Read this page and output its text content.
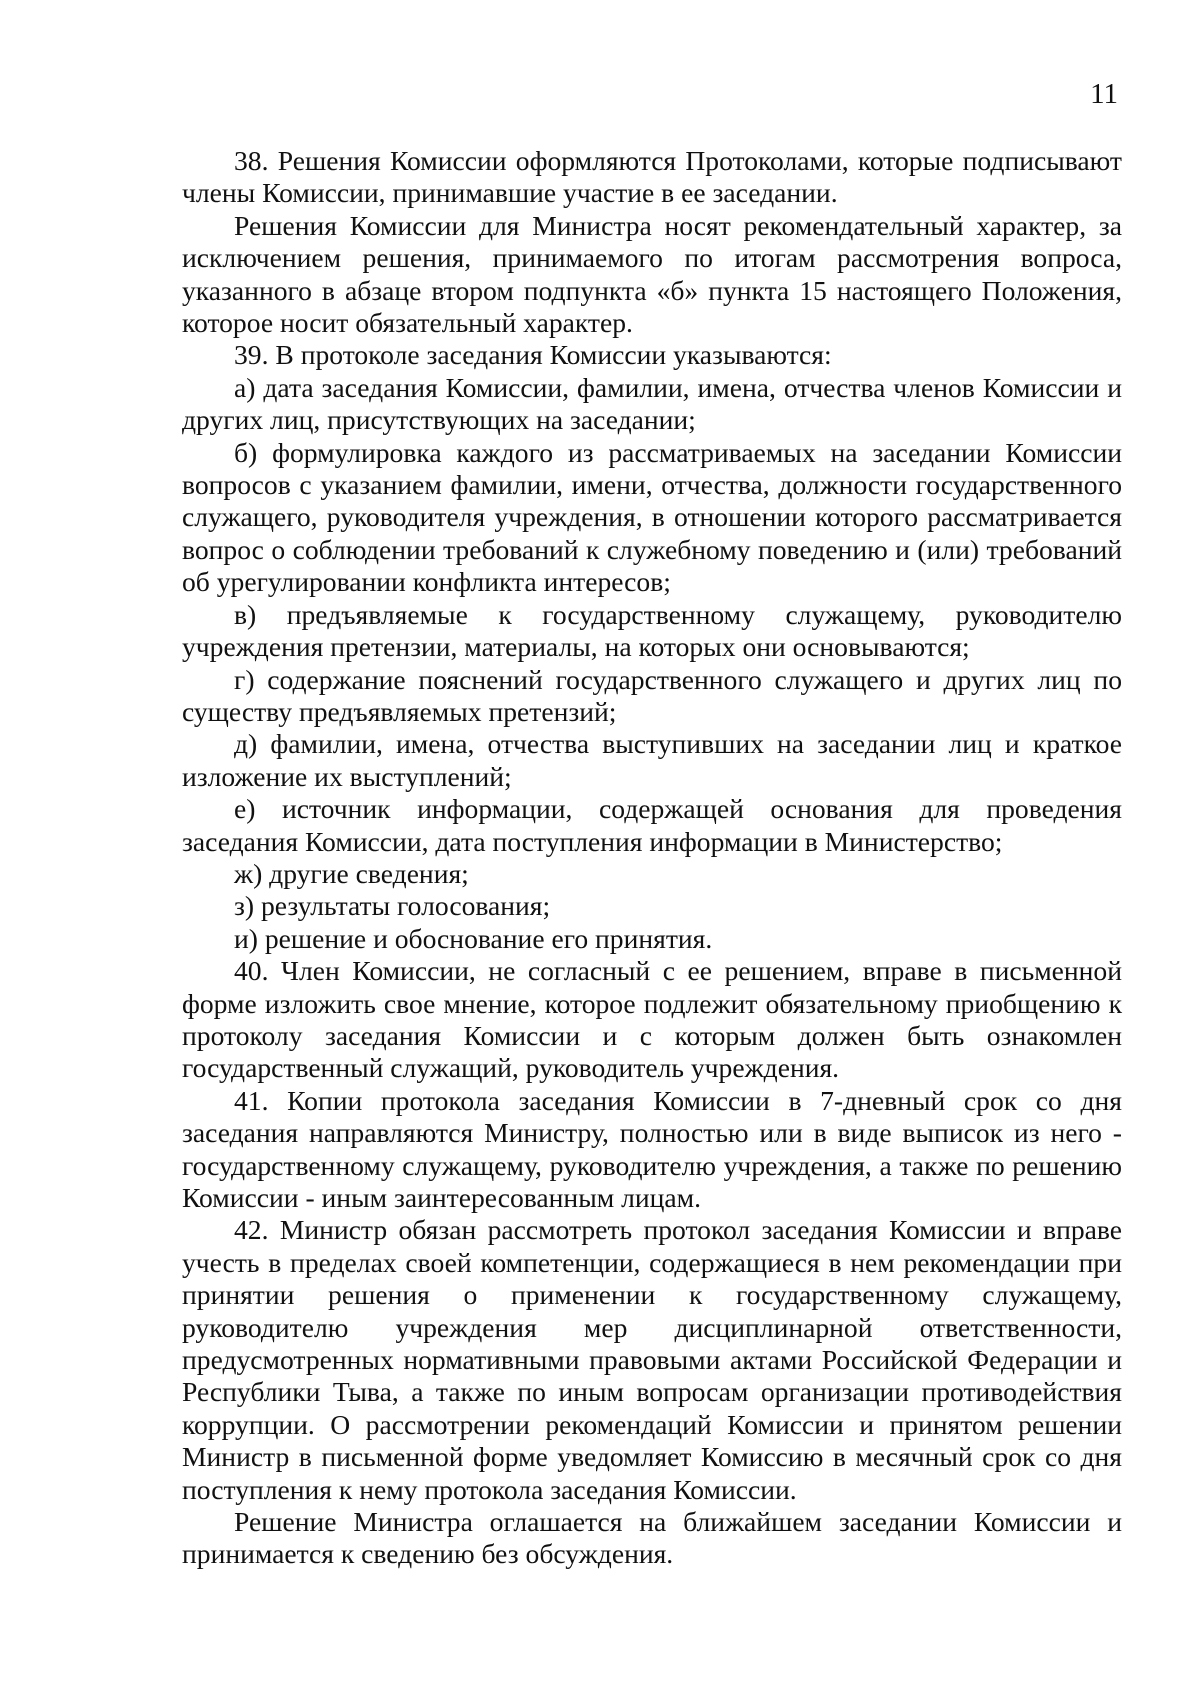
11

38. Решения Комиссии оформляются Протоколами, которые подписывают члены Комиссии, принимавшие участие в ее заседании.

Решения Комиссии для Министра носят рекомендательный характер, за исключением решения, принимаемого по итогам рассмотрения вопроса, указанного в абзаце втором подпункта «б» пункта 15 настоящего Положения, которое носит обязательный характер.

39. В протоколе заседания Комиссии указываются:

а) дата заседания Комиссии, фамилии, имена, отчества членов Комиссии и других лиц, присутствующих на заседании;

б) формулировка каждого из рассматриваемых на заседании Комиссии вопросов с указанием фамилии, имени, отчества, должности государственного служащего, руководителя учреждения, в отношении которого рассматривается вопрос о соблюдении требований к служебному поведению и (или) требований об урегулировании конфликта интересов;

в) предъявляемые к государственному служащему, руководителю учреждения претензии, материалы, на которых они основываются;

г) содержание пояснений государственного служащего и других лиц по существу предъявляемых претензий;

д) фамилии, имена, отчества выступивших на заседании лиц и краткое изложение их выступлений;

е) источник информации, содержащей основания для проведения заседания Комиссии, дата поступления информации в Министерство;

ж) другие сведения;

з) результаты голосования;

и) решение и обоснование его принятия.

40. Член Комиссии, не согласный с ее решением, вправе в письменной форме изложить свое мнение, которое подлежит обязательному приобщению к протоколу заседания Комиссии и с которым должен быть ознакомлен государственный служащий, руководитель учреждения.

41. Копии протокола заседания Комиссии в 7-дневный срок со дня заседания направляются Министру, полностью или в виде выписок из него - государственному служащему, руководителю учреждения, а также по решению Комиссии - иным заинтересованным лицам.

42. Министр обязан рассмотреть протокол заседания Комиссии и вправе учесть в пределах своей компетенции, содержащиеся в нем рекомендации при принятии решения о применении к государственному служащему, руководителю учреждения мер дисциплинарной ответственности, предусмотренных нормативными правовыми актами Российской Федерации и Республики Тыва, а также по иным вопросам организации противодействия коррупции. О рассмотрении рекомендаций Комиссии и принятом решении Министр в письменной форме уведомляет Комиссию в месячный срок со дня поступления к нему протокола заседания Комиссии.

Решение Министра оглашается на ближайшем заседании Комиссии и принимается к сведению без обсуждения.
